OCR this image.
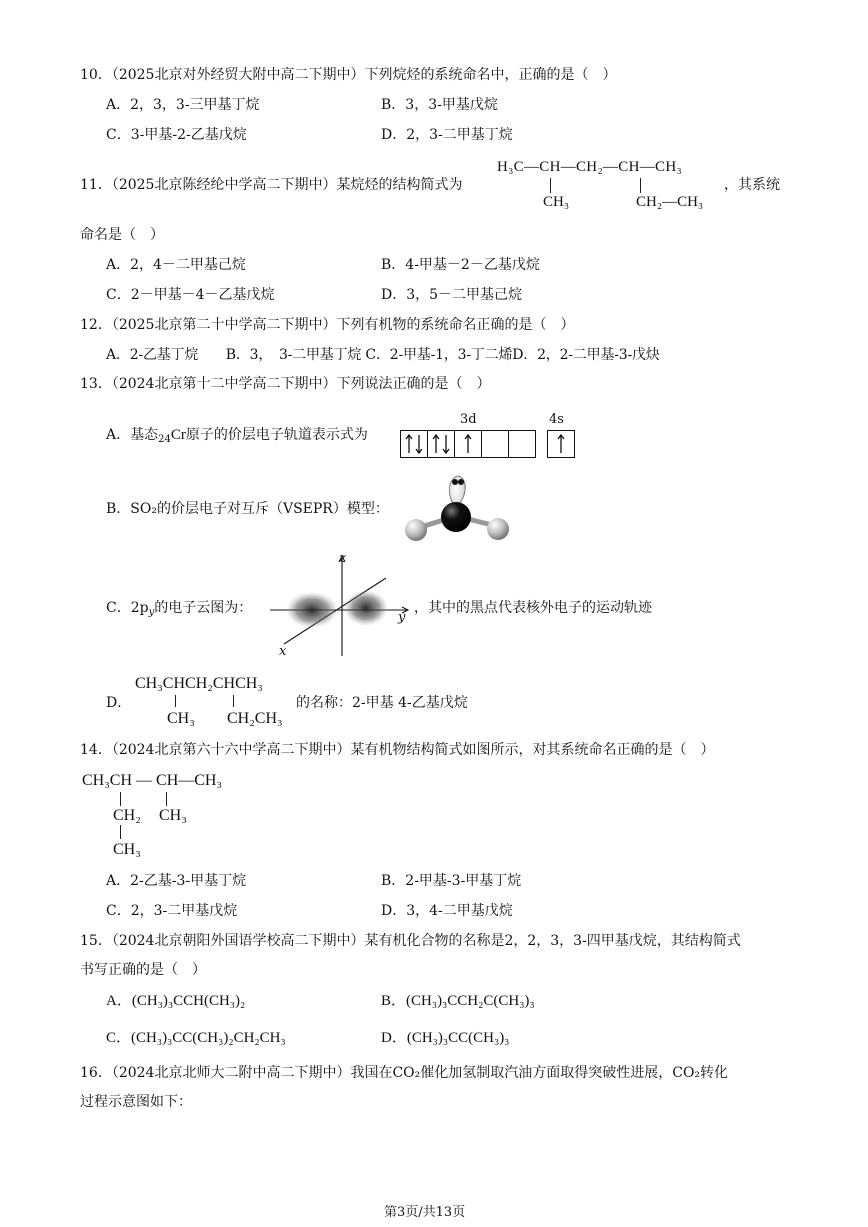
10．（2025北京对外经贸大附中高二下期中）下列烷烃的系统命名中，正确的是（　）
A．2，3，3-三甲基丁烷	B．3，3-甲基戊烷
C．3-甲基-2-乙基戊烷	D．2，3-二甲基丁烷
11．（2025北京陈经纶中学高二下期中）某烷烃的结构简式为
H₃C—CH—CH₂—CH—CH₃
CH₃	CH₂—CH₃
，其系统
命名是（　）
A．2，4－二甲基己烷	B．4-甲基－2－乙基戊烷
C．2－甲基－4－乙基戊烷	D．3，5－二甲基己烷
12．（2025北京第二十中学高二下期中）下列有机物的系统命名正确的是（　）
A．2-乙基丁烷　　B．3，　3-二甲基丁烷 C．2-甲基-1，3-丁二烯D．2，2-二甲基-3-戊炔
13．（2024北京第十二中学高二下期中）下列说法正确的是（　）
A．基态$_{24}$Cr原子的价层电子轨道表示式为
3d	4s
B．SO₂的价层电子对互斥（VSEPR）模型：
C．$2p_y$的电子云图为：
z
y
x
，其中的黑点代表核外电子的运动轨迹
D．
CH₃CHCH₂CHCH₃
CH₃ CH₂CH₃
的名称：2-甲基 4-乙基戊烷
14．（2024北京第六十六中学高二下期中）某有机物结构简式如图所示，对其系统命名正确的是（　）
CH₃CH — CH—CH₃
CH₂ CH₃
CH₃
A．2-乙基-3-甲基丁烷	B．2-甲基-3-甲基丁烷
C．2，3-二甲基戊烷	D．3，4-二甲基戊烷
15．（2024北京朝阳外国语学校高二下期中）某有机化合物的名称是2，2，3，3-四甲基戊烷，其结构简式
书写正确的是（　）
A．(CH₃)₃CCH(CH₃)₂	B．(CH₃)₃CCH₂C(CH₃)₃
C．(CH₃)₃CC(CH₃)₂CH₂CH₃	D．(CH₃)₃CC(CH₃)₃
16．（2024北京北师大二附中高二下期中）我国在CO₂催化加氢制取汽油方面取得突破性进展，CO₂转化
过程示意图如下：
第3页/共13页
